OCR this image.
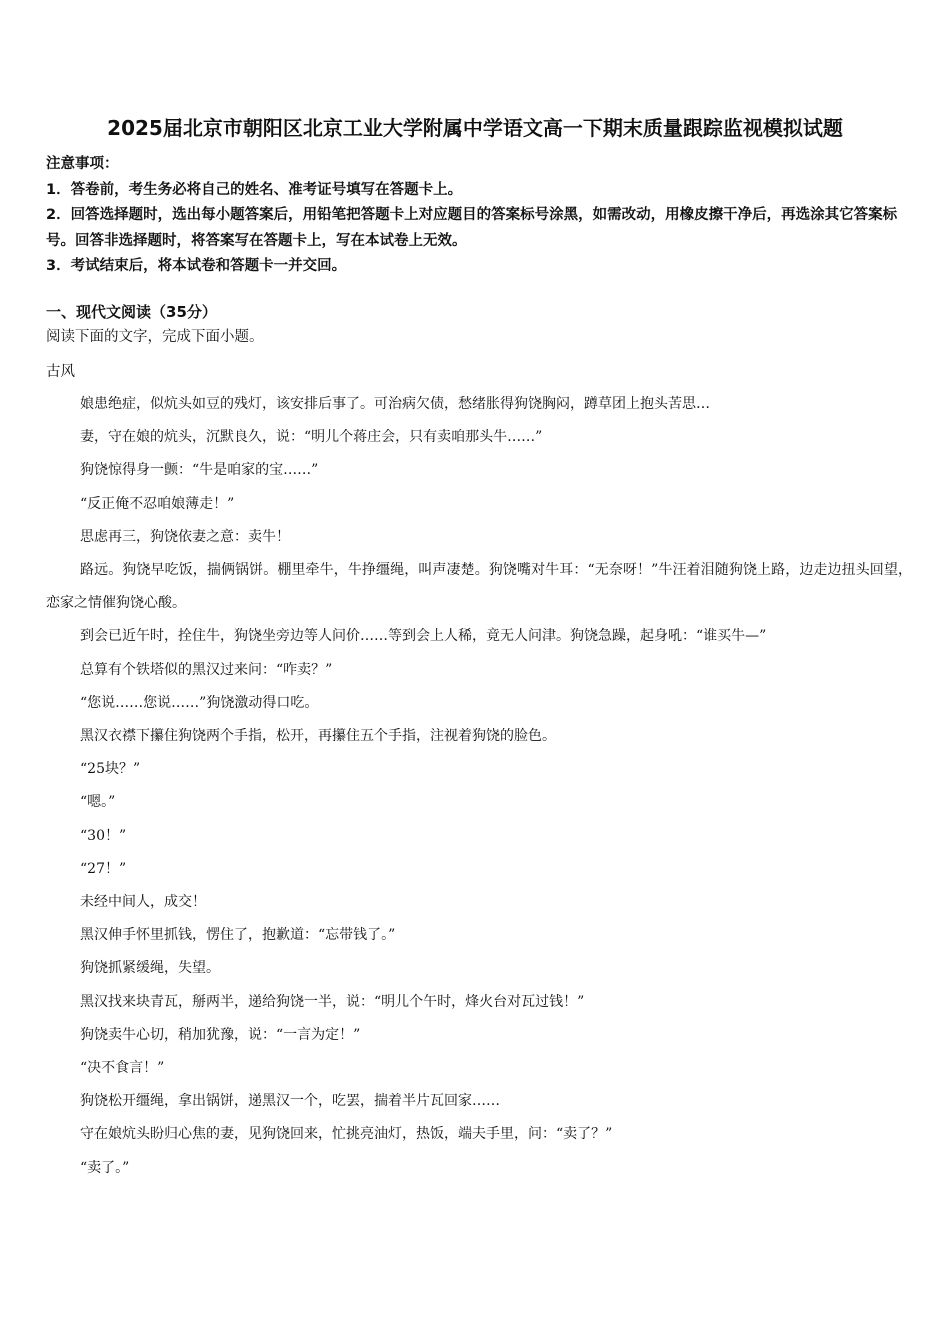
2025届北京市朝阳区北京工业大学附属中学语文高一下期末质量跟踪监视模拟试题
注意事项：
1．答卷前，考生务必将自己的姓名、准考证号填写在答题卡上。
2．回答选择题时，选出每小题答案后，用铅笔把答题卡上对应题目的答案标号涂黑，如需改动，用橡皮擦干净后，再选涂其它答案标号。回答非选择题时，将答案写在答题卡上，写在本试卷上无效。
3．考试结束后，将本试卷和答题卡一并交回。
一、现代文阅读（35分）
阅读下面的文字，完成下面小题。
古风

娘患绝症，似炕头如豆的残灯，该安排后事了。可治病欠债，愁绪胀得狗饶胸闷，蹲草团上抱头苦思…

妻，守在娘的炕头，沉默良久，说：“明儿个蒋庄会，只有卖咱那头牛……”

狗饶惊得身一颤：“牛是咱家的宝……”

“反正俺不忍咱娘薄走！”

思虑再三，狗饶依妻之意：卖牛！

路远。狗饶早吃饭，揣俩锅饼。棚里牵牛，牛挣缰绳，叫声凄楚。狗饶嘴对牛耳：“无奈呀！”牛汪着泪随狗饶上路，边走边扭头回望，恋家之情催狗饶心酸。

到会已近午时，拴住牛，狗饶坐旁边等人问价……等到会上人稀，竟无人问津。狗饶急躁，起身吼：“谁买牛—”

总算有个铁塔似的黑汉过来问：“咋卖？”

“您说……您说……”狗饶激动得口吃。

黑汉衣襟下攥住狗饶两个手指，松开，再攥住五个手指，注视着狗饶的脸色。

“25块？”

“嗯。”

“30！”

“27！”

未经中间人，成交！

黑汉伸手怀里抓钱，愣住了，抱歉道：“忘带钱了。”

狗饶抓紧缓绳，失望。

黑汉找来块青瓦，掰两半，递给狗饶一半，说：“明儿个午时，烽火台对瓦过钱！”

狗饶卖牛心切，稍加犹豫，说：“一言为定！”

“决不食言！”

狗饶松开缰绳，拿出锅饼，递黑汉一个，吃罢，揣着半片瓦回家……

守在娘炕头盼归心焦的妻，见狗饶回来，忙挑亮油灯，热饭，端夫手里，问：“卖了？”

“卖了。”
